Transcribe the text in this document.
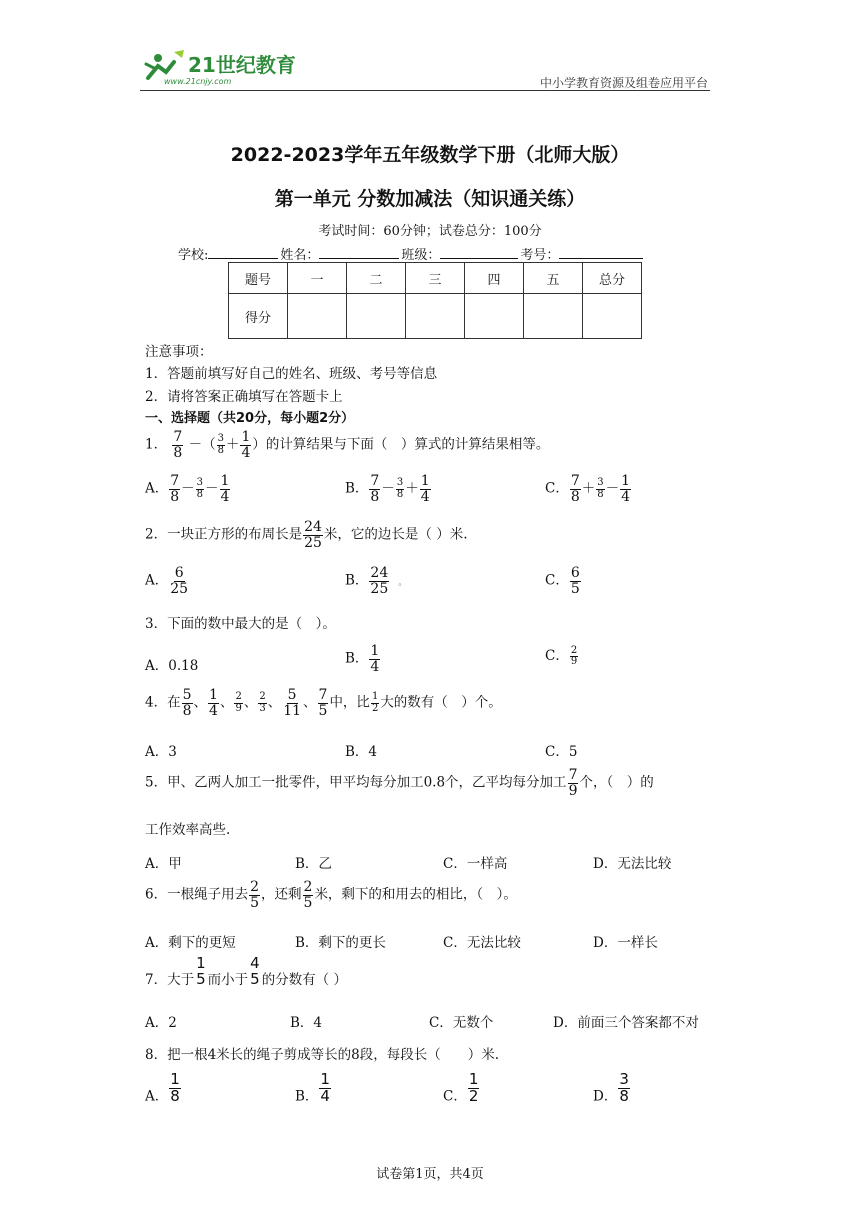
21世纪教育
www.21cnjy.com	中小学教育资源及组卷应用平台
2022-2023学年五年级数学下册（北师大版）
第一单元 分数加减法（知识通关练）
考试时间：60分钟；试卷总分：100分
学校:	姓名：	班级：	考号：
题号	一	二	三	四	五	总分
得分						
注意事项：
1．答题前填写好自己的姓名、班级、考号等信息
2．请将答案正确填写在答题卡上
一、选择题（共20分，每小题2分）
1． $\frac{7}{8}$ －（ $\frac{3}{8} + \frac{1}{4}$ ）的计算结果与下面（　）算式的计算结果相等。
A． $\frac{7}{8} - \frac{3}{8} - \frac{1}{4}$	B． $\frac{7}{8} - \frac{3}{8} + \frac{1}{4}$	C． $\frac{7}{8} + \frac{3}{8} - \frac{1}{4}$
2．一块正方形的布周长是 $\frac{24}{25}$ 米，它的边长是（ ）米.
A． $\frac{6}{25}$	B． $\frac{24}{25}$ 。	C． $\frac{6}{5}$
3．下面的数中最大的是（　）。
A．0.18	B． $\frac{1}{4}$	C． $\frac{2}{9}$
4．在 $\frac{5}{8}$ 、 $\frac{1}{4}$ 、 $\frac{2}{9}$ 、 $\frac{2}{3}$ 、 $\frac{5}{11}$ 、 $\frac{7}{5}$ 中，比 $\frac{1}{2}$ 大的数有（　）个。
A．3	B．4	C．5
5．甲、乙两人加工一批零件，甲平均每分加工0.8个，乙平均每分加工 $\frac{7}{9}$ 个，（　）的
工作效率高些.
A．甲	B．乙	C．一样高	D．无法比较
6．一根绳子用去 $\frac{2}{5}$ ，还剩 $\frac{2}{5}$ 米，剩下的和用去的相比，（　）。
A．剩下的更短	B．剩下的更长	C．无法比较	D．一样长
7．大于
1
5 而小于
4
5 的分数有（ ）
A．2	B．4	C．无数个	D．前面三个答案都不对
8．把一根4米长的绳子剪成等长的8段，每段长（　　）米.
A． $\frac{1}{8}$	B． $\frac{1}{4}$	C． $\frac{1}{2}$	D． $\frac{3}{8}$
试卷第1页，共4页
